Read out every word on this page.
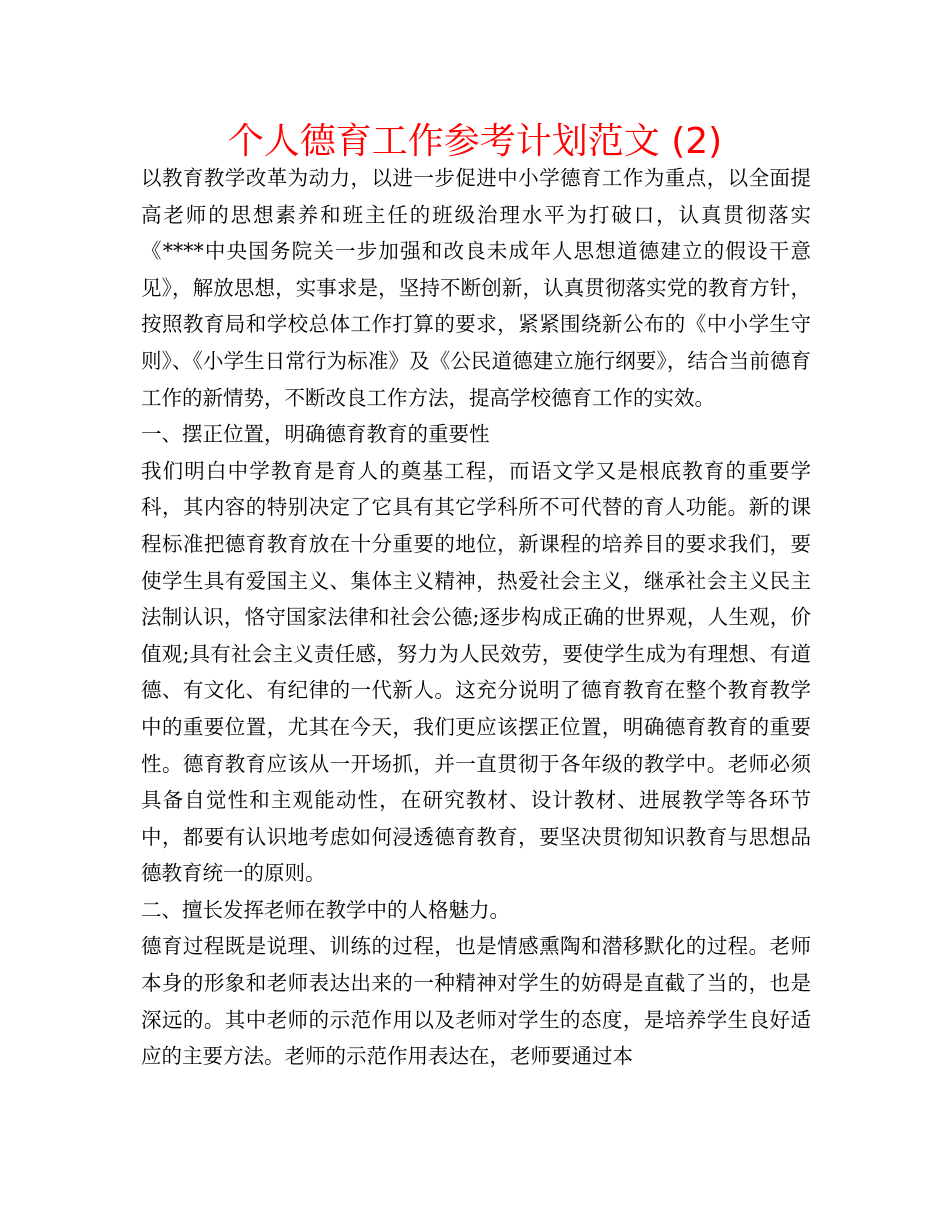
个人德育工作参考计划范文 (2)

以教育教学改革为动力，以进一步促进中小学德育工作为重点，以全面提高老师的思想素养和班主任的班级治理水平为打破口，认真贯彻落实《****中央国务院关一步加强和改良未成年人思想道德建立的假设干意见》，解放思想，实事求是，坚持不断创新，认真贯彻落实党的教育方针，按照教育局和学校总体工作打算的要求，紧紧围绕新公布的《中小学生守则》、《小学生日常行为标准》及《公民道德建立施行纲要》，结合当前德育工作的新情势，不断改良工作方法，提高学校德育工作的实效。

一、摆正位置，明确德育教育的重要性

我们明白中学教育是育人的奠基工程，而语文学又是根底教育的重要学科，其内容的特别决定了它具有其它学科所不可代替的育人功能。新的课程标准把德育教育放在十分重要的地位，新课程的培养目的要求我们，要使学生具有爱国主义、集体主义精神，热爱社会主义，继承社会主义民主法制认识，恪守国家法律和社会公德;逐步构成正确的世界观，人生观，价值观;具有社会主义责任感，努力为人民效劳，要使学生成为有理想、有道德、有文化、有纪律的一代新人。这充分说明了德育教育在整个教育教学中的重要位置，尤其在今天，我们更应该摆正位置，明确德育教育的重要性。德育教育应该从一开场抓，并一直贯彻于各年级的教学中。老师必须具备自觉性和主观能动性，在研究教材、设计教材、进展教学等各环节中，都要有认识地考虑如何浸透德育教育，要坚决贯彻知识教育与思想品德教育统一的原则。

二、擅长发挥老师在教学中的人格魅力。

德育过程既是说理、训练的过程，也是情感熏陶和潜移默化的过程。老师本身的形象和老师表达出来的一种精神对学生的妨碍是直截了当的，也是深远的。其中老师的示范作用以及老师对学生的态度，是培养学生良好适应的主要方法。老师的示范作用表达在，老师要通过本
